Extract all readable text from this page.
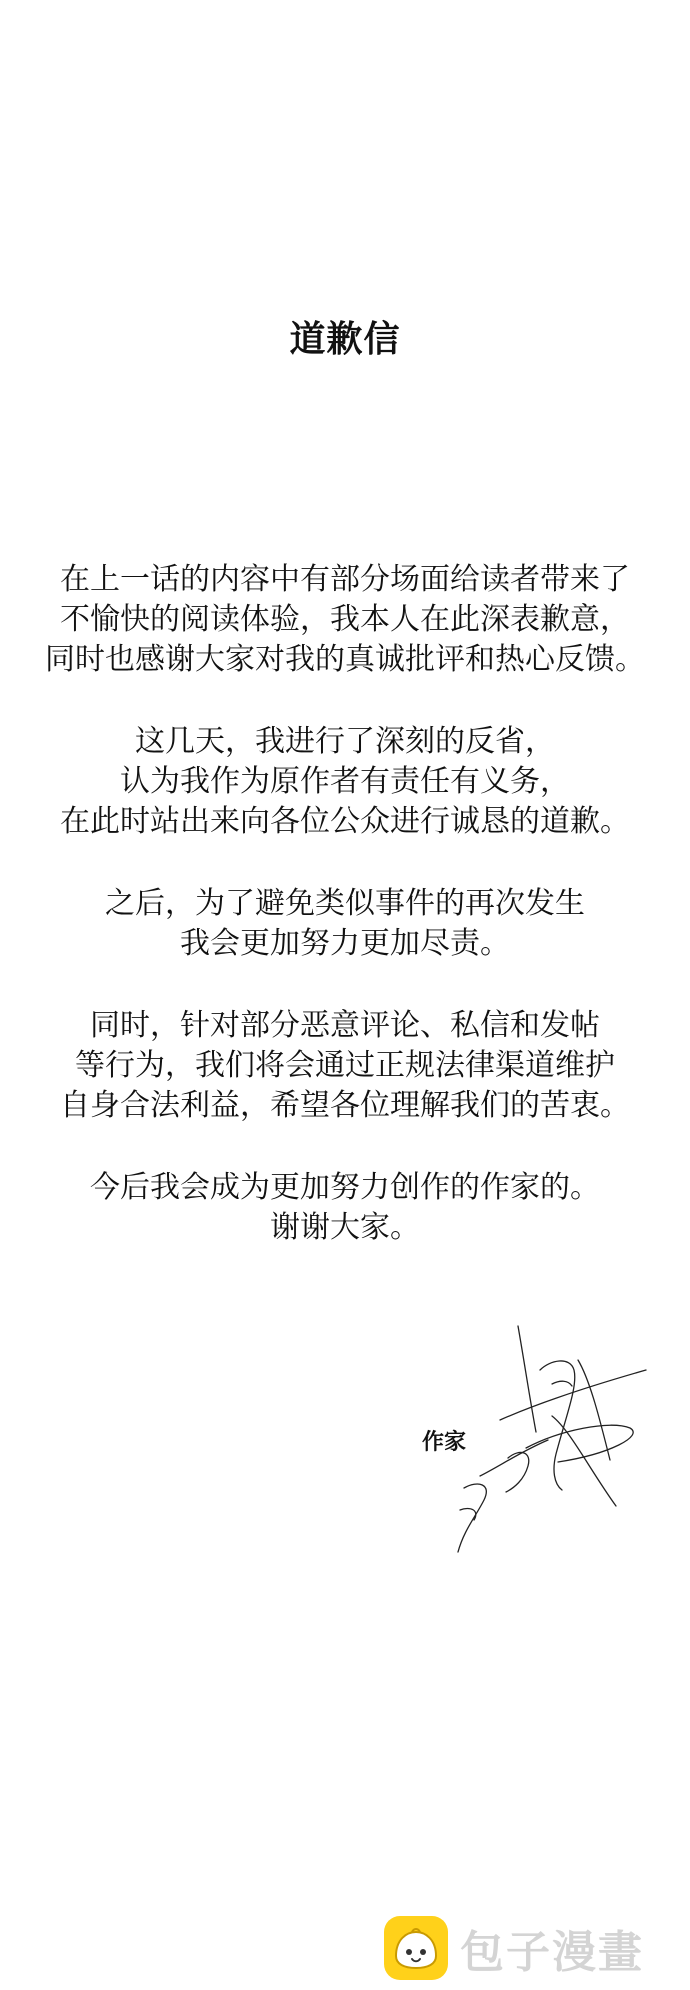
道歉信

在上一话的内容中有部分场面给读者带来了
不愉快的阅读体验，我本人在此深表歉意，
同时也感谢大家对我的真诚批评和热心反馈。

这几天，我进行了深刻的反省，
认为我作为原作者有责任有义务，
在此时站出来向各位公众进行诚恳的道歉。

之后，为了避免类似事件的再次发生
我会更加努力更加尽责。

同时，针对部分恶意评论、私信和发帖
等行为，我们将会通过正规法律渠道维护
自身合法利益，希望各位理解我们的苦衷。

今后我会成为更加努力创作的作家的。
谢谢大家。

作家
包子漫畫
